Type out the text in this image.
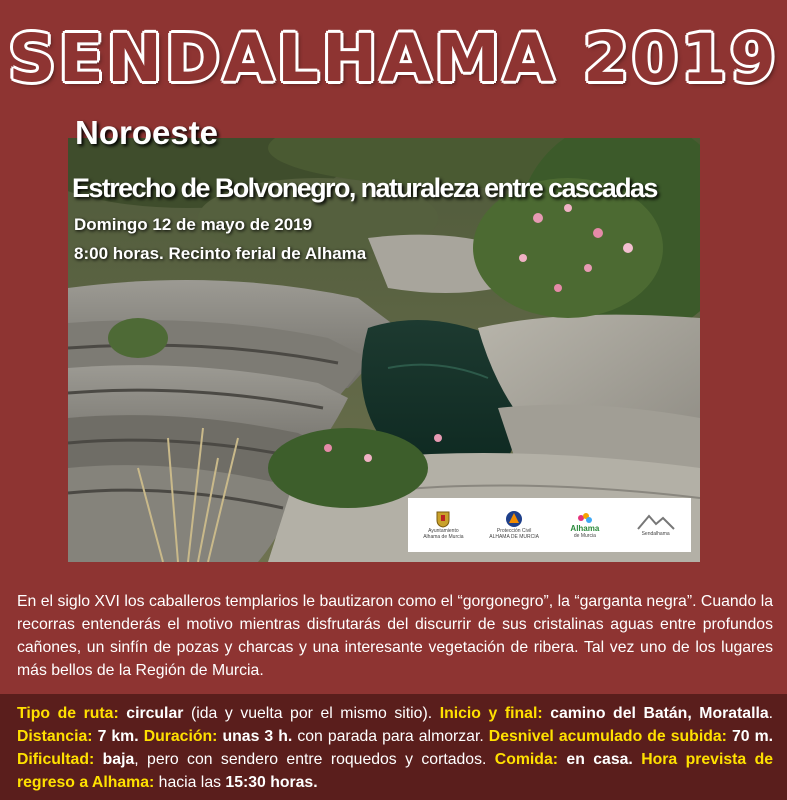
SENDALHAMA 2019
Noroeste
Estrecho de Bolvonegro, naturaleza entre cascadas
Domingo 12 de mayo de 2019
8:00 horas. Recinto ferial de Alhama
Ayuntamiento
Alhama de Murcia
Protección Civil
ALHAMA DE MURCIA
Alhama
de Murcia	Sendalhama
En el siglo XVI los caballeros templarios le bautizaron como el “gorgonegro”, la “garganta negra”. Cuando la recorras entenderás el motivo mientras disfrutarás del discurrir de sus cristalinas aguas entre profundos cañones, un sinfín de pozas y charcas y una interesante vegetación de ribera. Tal vez uno de los lugares más bellos de la Región de Murcia.
Tipo de ruta: circular (ida y vuelta por el mismo sitio). Inicio y final: camino del Batán, Moratalla. Distancia: 7 km. Duración: unas 3 h. con parada para almorzar. Desnivel acumulado de subida: 70 m. Dificultad: baja, pero con sendero entre roquedos y cortados. Comida: en casa. Hora prevista de regreso a Alhama: hacia las 15:30 horas.
